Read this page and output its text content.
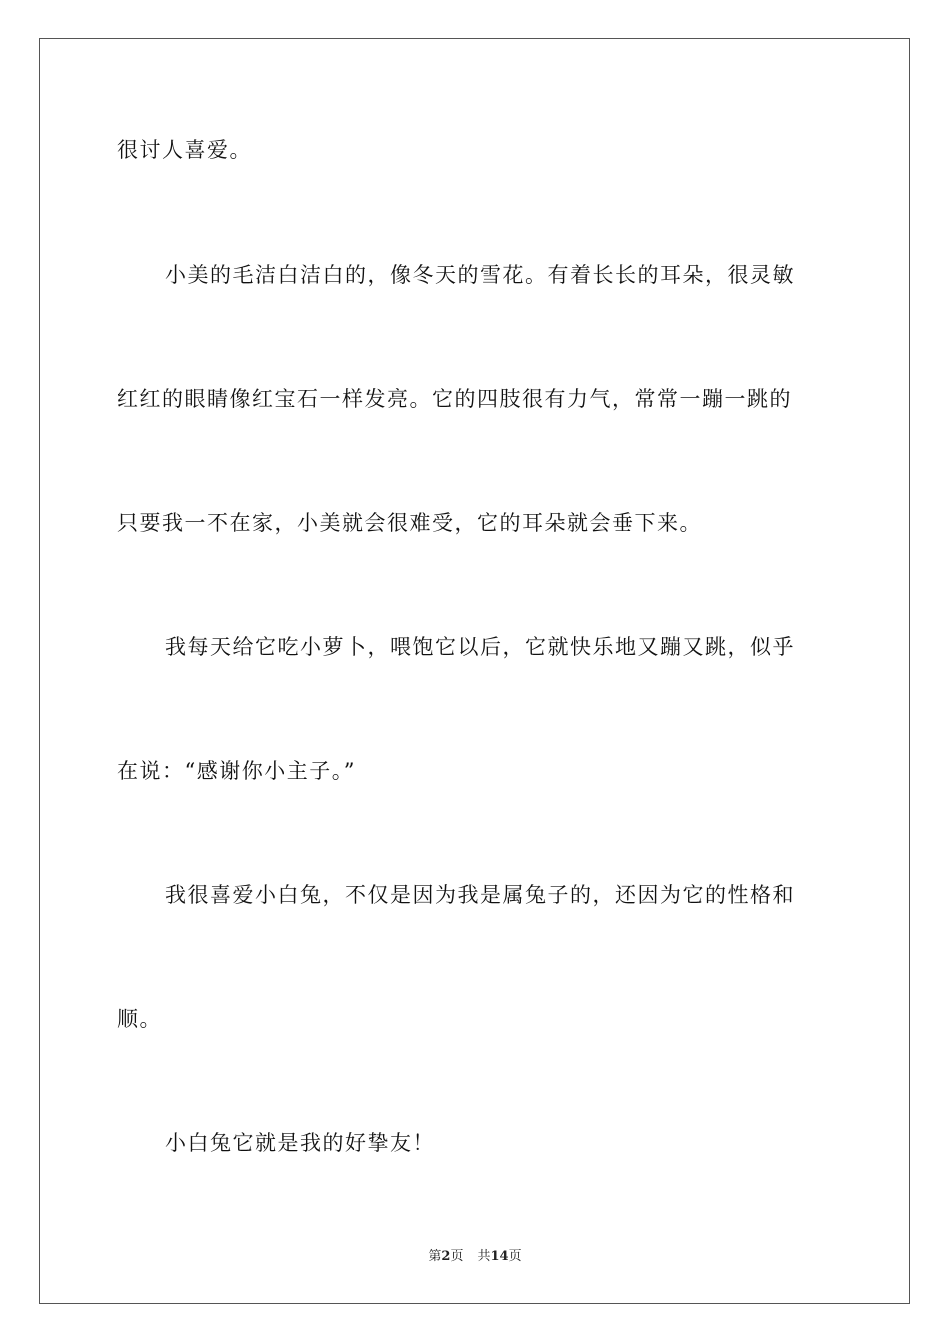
很讨人喜爱。
小美的毛洁白洁白的，像冬天的雪花。有着长长的耳朵，很灵敏
红红的眼睛像红宝石一样发亮。它的四肢很有力气，常常一蹦一跳的
只要我一不在家，小美就会很难受，它的耳朵就会垂下来。
我每天给它吃小萝卜，喂饱它以后，它就快乐地又蹦又跳，似乎
在说：“感谢你小主子。”
我很喜爱小白兔，不仅是因为我是属兔子的，还因为它的性格和
顺。
小白兔它就是我的好挚友！
第2页 共14页
